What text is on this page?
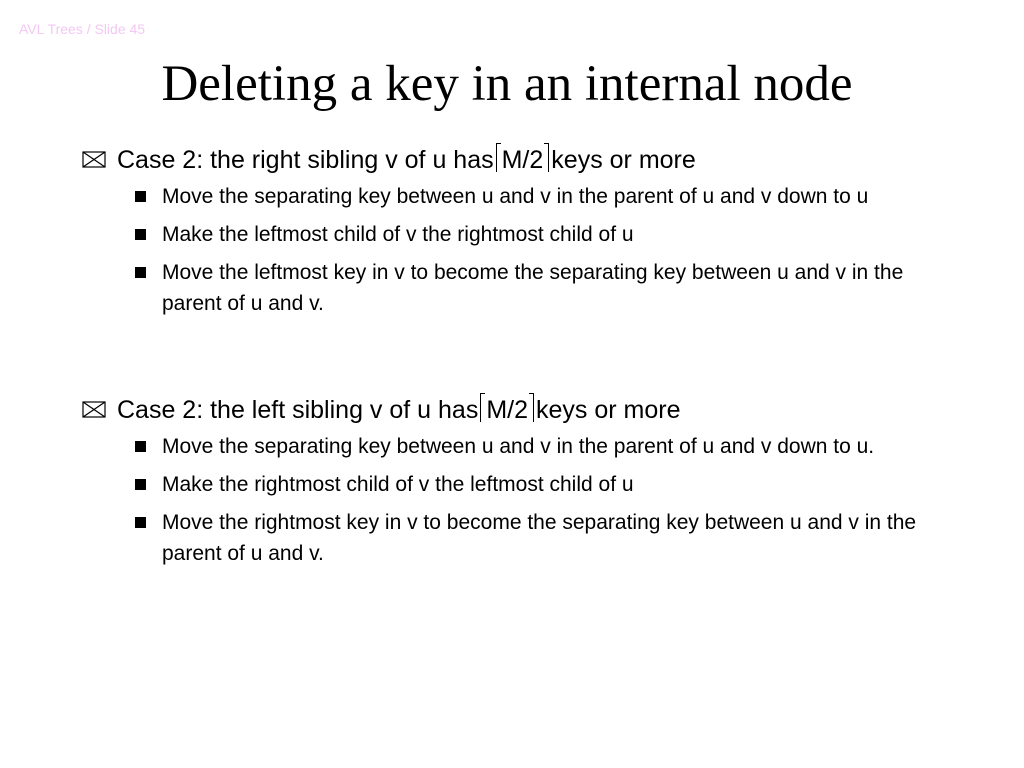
AVL Trees / Slide 45
Deleting a key in an internal node
Case 2: the right sibling v of u has M/2 keys or more
Move the separating key between u and v in the parent of u and v down to u
Make the leftmost child of v the rightmost child of u
Move the leftmost key in v to become the separating key between u and v in the parent of u and v.
Case 2: the left sibling v of u has M/2 keys or more
Move the separating key between u and v in the parent of u and v down to u.
Make the rightmost child of v the leftmost child of u
Move the rightmost key in v to become the separating key between u and v in the parent of u and v.
